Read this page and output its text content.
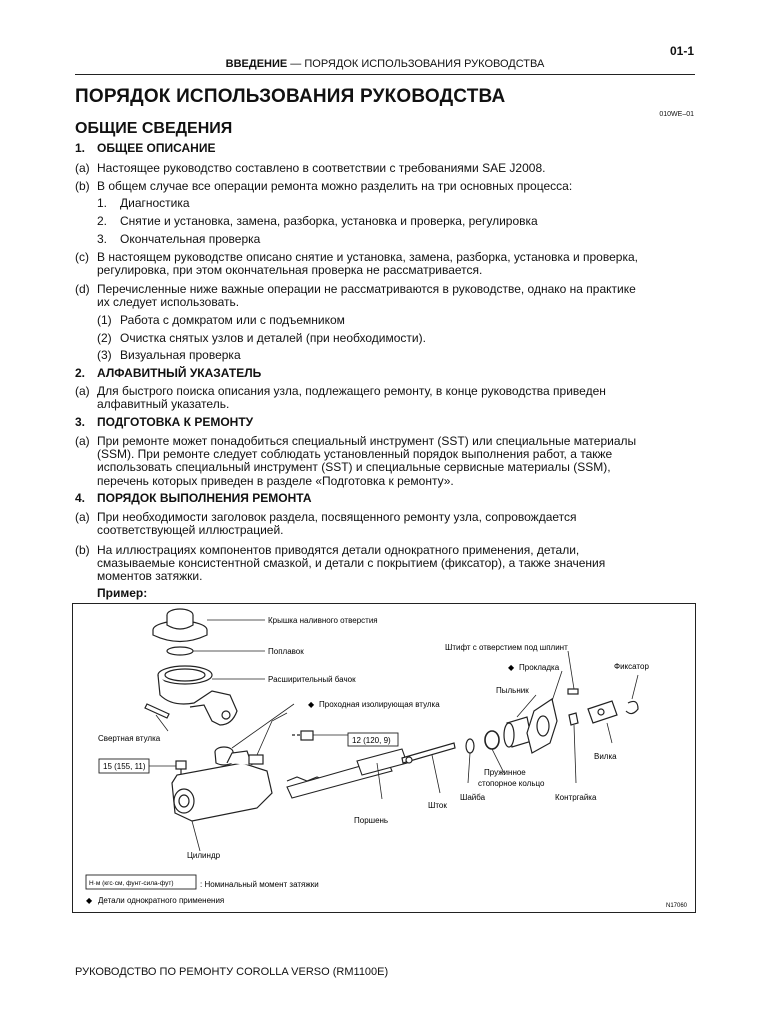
01-1
ВВЕДЕНИЕ — ПОРЯДОК ИСПОЛЬЗОВАНИЯ РУКОВОДСТВА
ПОРЯДОК ИСПОЛЬЗОВАНИЯ РУКОВОДСТВА
010WE–01
ОБЩИЕ СВЕДЕНИЯ
1. ОБЩЕЕ ОПИСАНИЕ
(a) Настоящее руководство составлено в соответствии с требованиями SAE J2008.
(b) В общем случае все операции ремонта можно разделить на три основных процесса:
1. Диагностика
2. Снятие и установка, замена, разборка, установка и проверка, регулировка
3. Окончательная проверка
(c) В настоящем руководстве описано снятие и установка, замена, разборка, установка и проверка,
регулировка, при этом окончательная проверка не рассматривается.
(d) Перечисленные ниже важные операции не рассматриваются в руководстве, однако на практике
их следует использовать.
(1) Работа с домкратом или с подъемником
(2) Очистка снятых узлов и деталей (при необходимости).
(3) Визуальная проверка
2. АЛФАВИТНЫЙ УКАЗАТЕЛЬ
(a) Для быстрого поиска описания узла, подлежащего ремонту, в конце руководства приведен
алфавитный указатель.
3. ПОДГОТОВКА К РЕМОНТУ
(a) При ремонте может понадобиться специальный инструмент (SST) или специальные материалы
(SSM). При ремонте следует соблюдать установленный порядок выполнения работ, а также
использовать специальный инструмент (SST) и специальные сервисные материалы (SSM),
перечень которых приведен в разделе «Подготовка к ремонту».
4. ПОРЯДОК ВЫПОЛНЕНИЯ РЕМОНТА
(a) При необходимости заголовок раздела, посвященного ремонту узла, сопровождается
соответствующей иллюстрацией.
(b) На иллюстрациях компонентов приводятся детали однократного применения, детали,
смазываемые консистентной смазкой, и детали с покрытием (фиксатор), а также значения
моментов затяжки.
Пример:
Крышка наливного отверстия
Поплавок
Расширительный бачок
◆ Проходная изолирующая втулка
Свертная втулка
15 (155, 11)
12 (120, 9)
Поршень
Цилиндр
Шток
Шайба
Пружинное стопорное кольцо
Пыльник
◆ Прокладка
Штифт с отверстием под шплинт
Фиксатор
Вилка
Контргайка
Н·м (кгс·см, фунт-сила-фут)	: Номинальный момент затяжки
◆ Детали однократного применения
N17060
РУКОВОДСТВО ПО РЕМОНТУ COROLLA VERSO (RM1100E)
